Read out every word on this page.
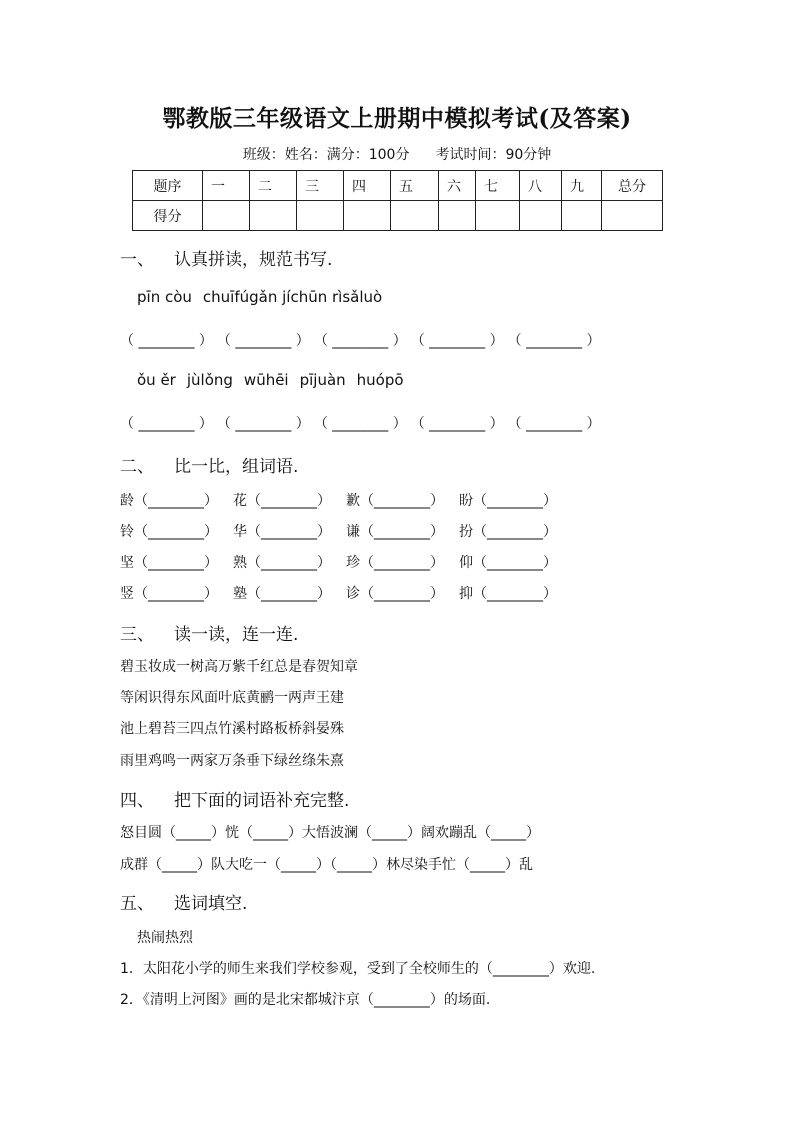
鄂教版三年级语文上册期中模拟考试(及答案)
班级：姓名：满分：100分 考试时间：90分钟
题序	一	二	三	四	五	六	七	八	九	总分
得分										
一、 认真拼读，规范书写.
pīn còu chuīfúgǎn jíchūn rìsǎluò
（ ________ ） （ ________ ） （ ________ ） （ ________ ） （ ________ ）
ǒu ěr jùlǒng wūhēi pījuàn huópō
（ ________ ） （ ________ ） （ ________ ） （ ________ ） （ ________ ）
二、 比一比，组词语.
龄（________） 花（________） 歉（________） 盼（________）
铃（________） 华（________） 谦（________） 扮（________）
坚（________） 熟（________） 珍（________） 仰（________）
竖（________） 塾（________） 诊（________） 抑（________）
三、 读一读，连一连.
碧玉妆成一树高万紫千红总是春贺知章
等闲识得东风面叶底黄鹂一两声王建
池上碧苔三四点竹溪村路板桥斜晏殊
雨里鸡鸣一两家万条垂下绿丝绦朱熹
四、 把下面的词语补充完整.
怒目圆（_____）恍（_____）大悟波澜（_____）阔欢蹦乱（_____）
成群（_____）队大吃一（_____）（_____）林尽染手忙（_____）乱
五、 选词填空.
热闹热烈
1．太阳花小学的师生来我们学校参观，受到了全校师生的（________）欢迎.
2．《清明上河图》画的是北宋都城汴京（________）的场面.
